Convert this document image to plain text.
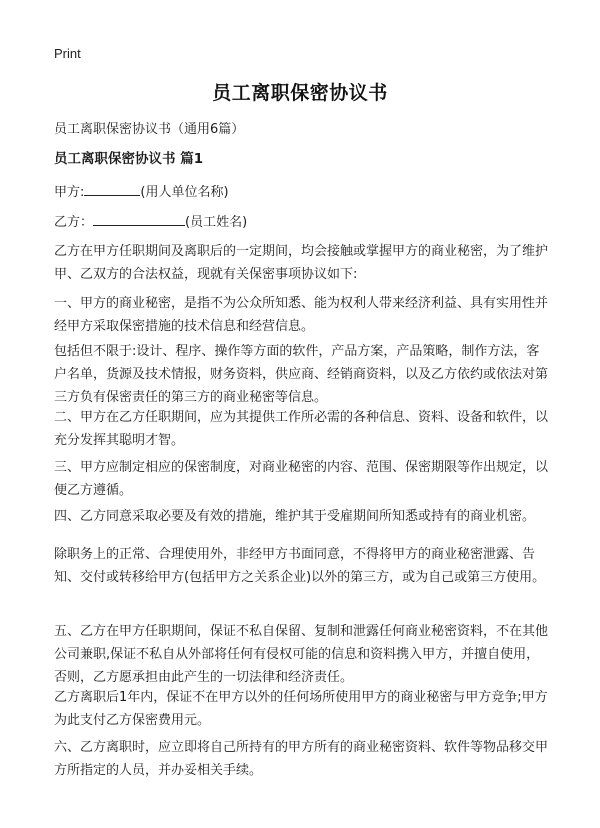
Print
员工离职保密协议书
员工离职保密协议书（通用6篇）
员工离职保密协议书 篇1
甲方:	(用人单位名称)
乙方：	(员工姓名)
乙方在甲方任职期间及离职后的一定期间，均会接触或掌握甲方的商业秘密，为了维护甲、乙双方的合法权益，现就有关保密事项协议如下:
一、甲方的商业秘密，是指不为公众所知悉、能为权利人带来经济利益、具有实用性并经甲方采取保密措施的技术信息和经营信息。
包括但不限于:设计、程序、操作等方面的软件，产品方案，产品策略，制作方法，客户名单，货源及技术情报，财务资料，供应商、经销商资料，以及乙方依约或依法对第三方负有保密责任的第三方的商业秘密等信息。
二、甲方在乙方任职期间，应为其提供工作所必需的各种信息、资料、设备和软件，以充分发挥其聪明才智。
三、甲方应制定相应的保密制度，对商业秘密的内容、范围、保密期限等作出规定，以便乙方遵循。
四、乙方同意采取必要及有效的措施，维护其于受雇期间所知悉或持有的商业机密。
除职务上的正常、合理使用外，非经甲方书面同意，不得将甲方的商业秘密泄露、告知、交付或转移给甲方(包括甲方之关系企业)以外的第三方，或为自己或第三方使用。
五、乙方在甲方任职期间，保证不私自保留、复制和泄露任何商业秘密资料，不在其他公司兼职,保证不私自从外部将任何有侵权可能的信息和资料携入甲方，并擅自使用，否则，乙方愿承担由此产生的一切法律和经济责任。
乙方离职后1年内，保证不在甲方以外的任何场所使用甲方的商业秘密与甲方竞争;甲方为此支付乙方保密费用元。
六、乙方离职时，应立即将自己所持有的甲方所有的商业秘密资料、软件等物品移交甲方所指定的人员，并办妥相关手续。
